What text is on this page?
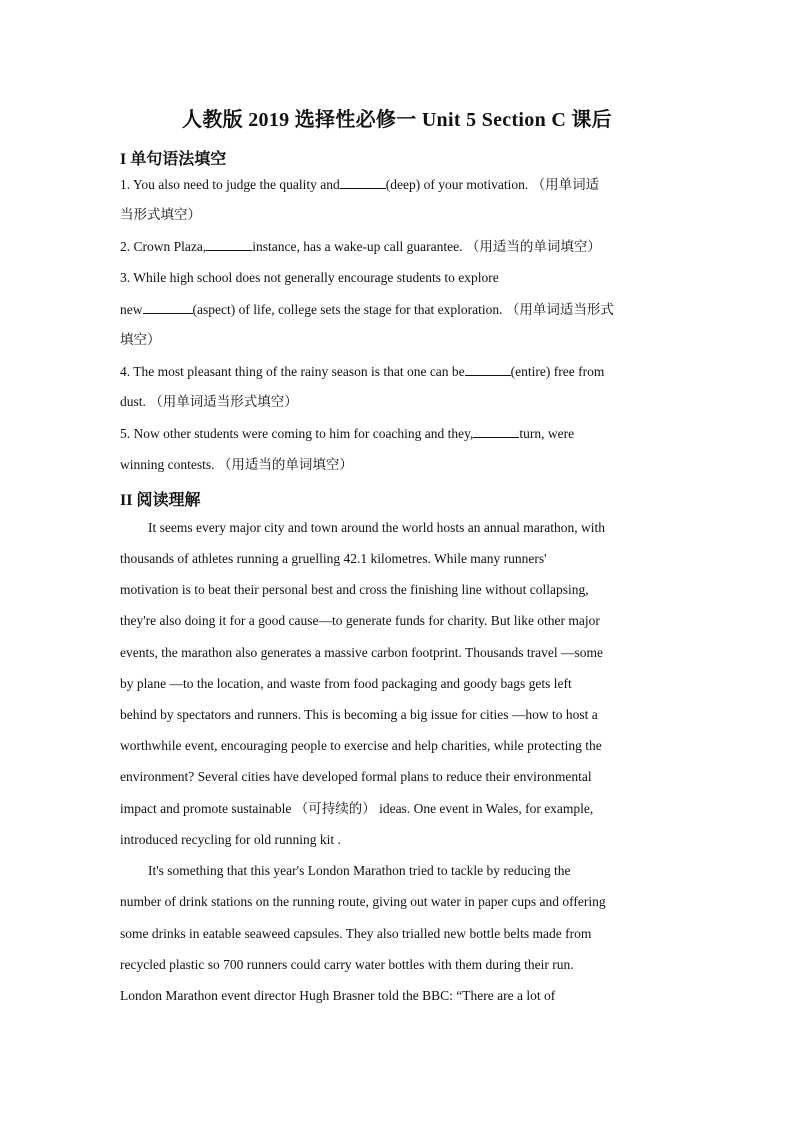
人教版 2019 选择性必修一 Unit 5 Section C 课后
I 单句语法填空
1. You also need to judge the quality and	(deep) of your motivation. （用单词适
当形式填空）
2. Crown Plaza,	instance, has a wake-up call guarantee. （用适当的单词填空）
3. While high school does not generally encourage students to explore
new	(aspect) of life, college sets the stage for that exploration. （用单词适当形式
填空）
4. The most pleasant thing of the rainy season is that one can be	(entire) free from
dust. （用单词适当形式填空）
5. Now other students were coming to him for coaching and they,	turn, were
winning contests. （用适当的单词填空）
II 阅读理解
It seems every major city and town around the world hosts an annual marathon, with
thousands of athletes running a gruelling 42.1 kilometres. While many runners'
motivation is to beat their personal best and cross the finishing line without collapsing,
they're also doing it for a good cause—to generate funds for charity. But like other major
events, the marathon also generates a massive carbon footprint. Thousands travel —some
by plane —to the location, and waste from food packaging and goody bags gets left
behind by spectators and runners. This is becoming a big issue for cities —how to host a
worthwhile event, encouraging people to exercise and help charities, while protecting the
environment? Several cities have developed formal plans to reduce their environmental
impact and promote sustainable （可持续的） ideas. One event in Wales, for example,
introduced recycling for old running kit .
It's something that this year's London Marathon tried to tackle by reducing the
number of drink stations on the running route, giving out water in paper cups and offering
some drinks in eatable seaweed capsules. They also trialled new bottle belts made from
recycled plastic so 700 runners could carry water bottles with them during their run.
London Marathon event director Hugh Brasner told the BBC: “There are a lot of
